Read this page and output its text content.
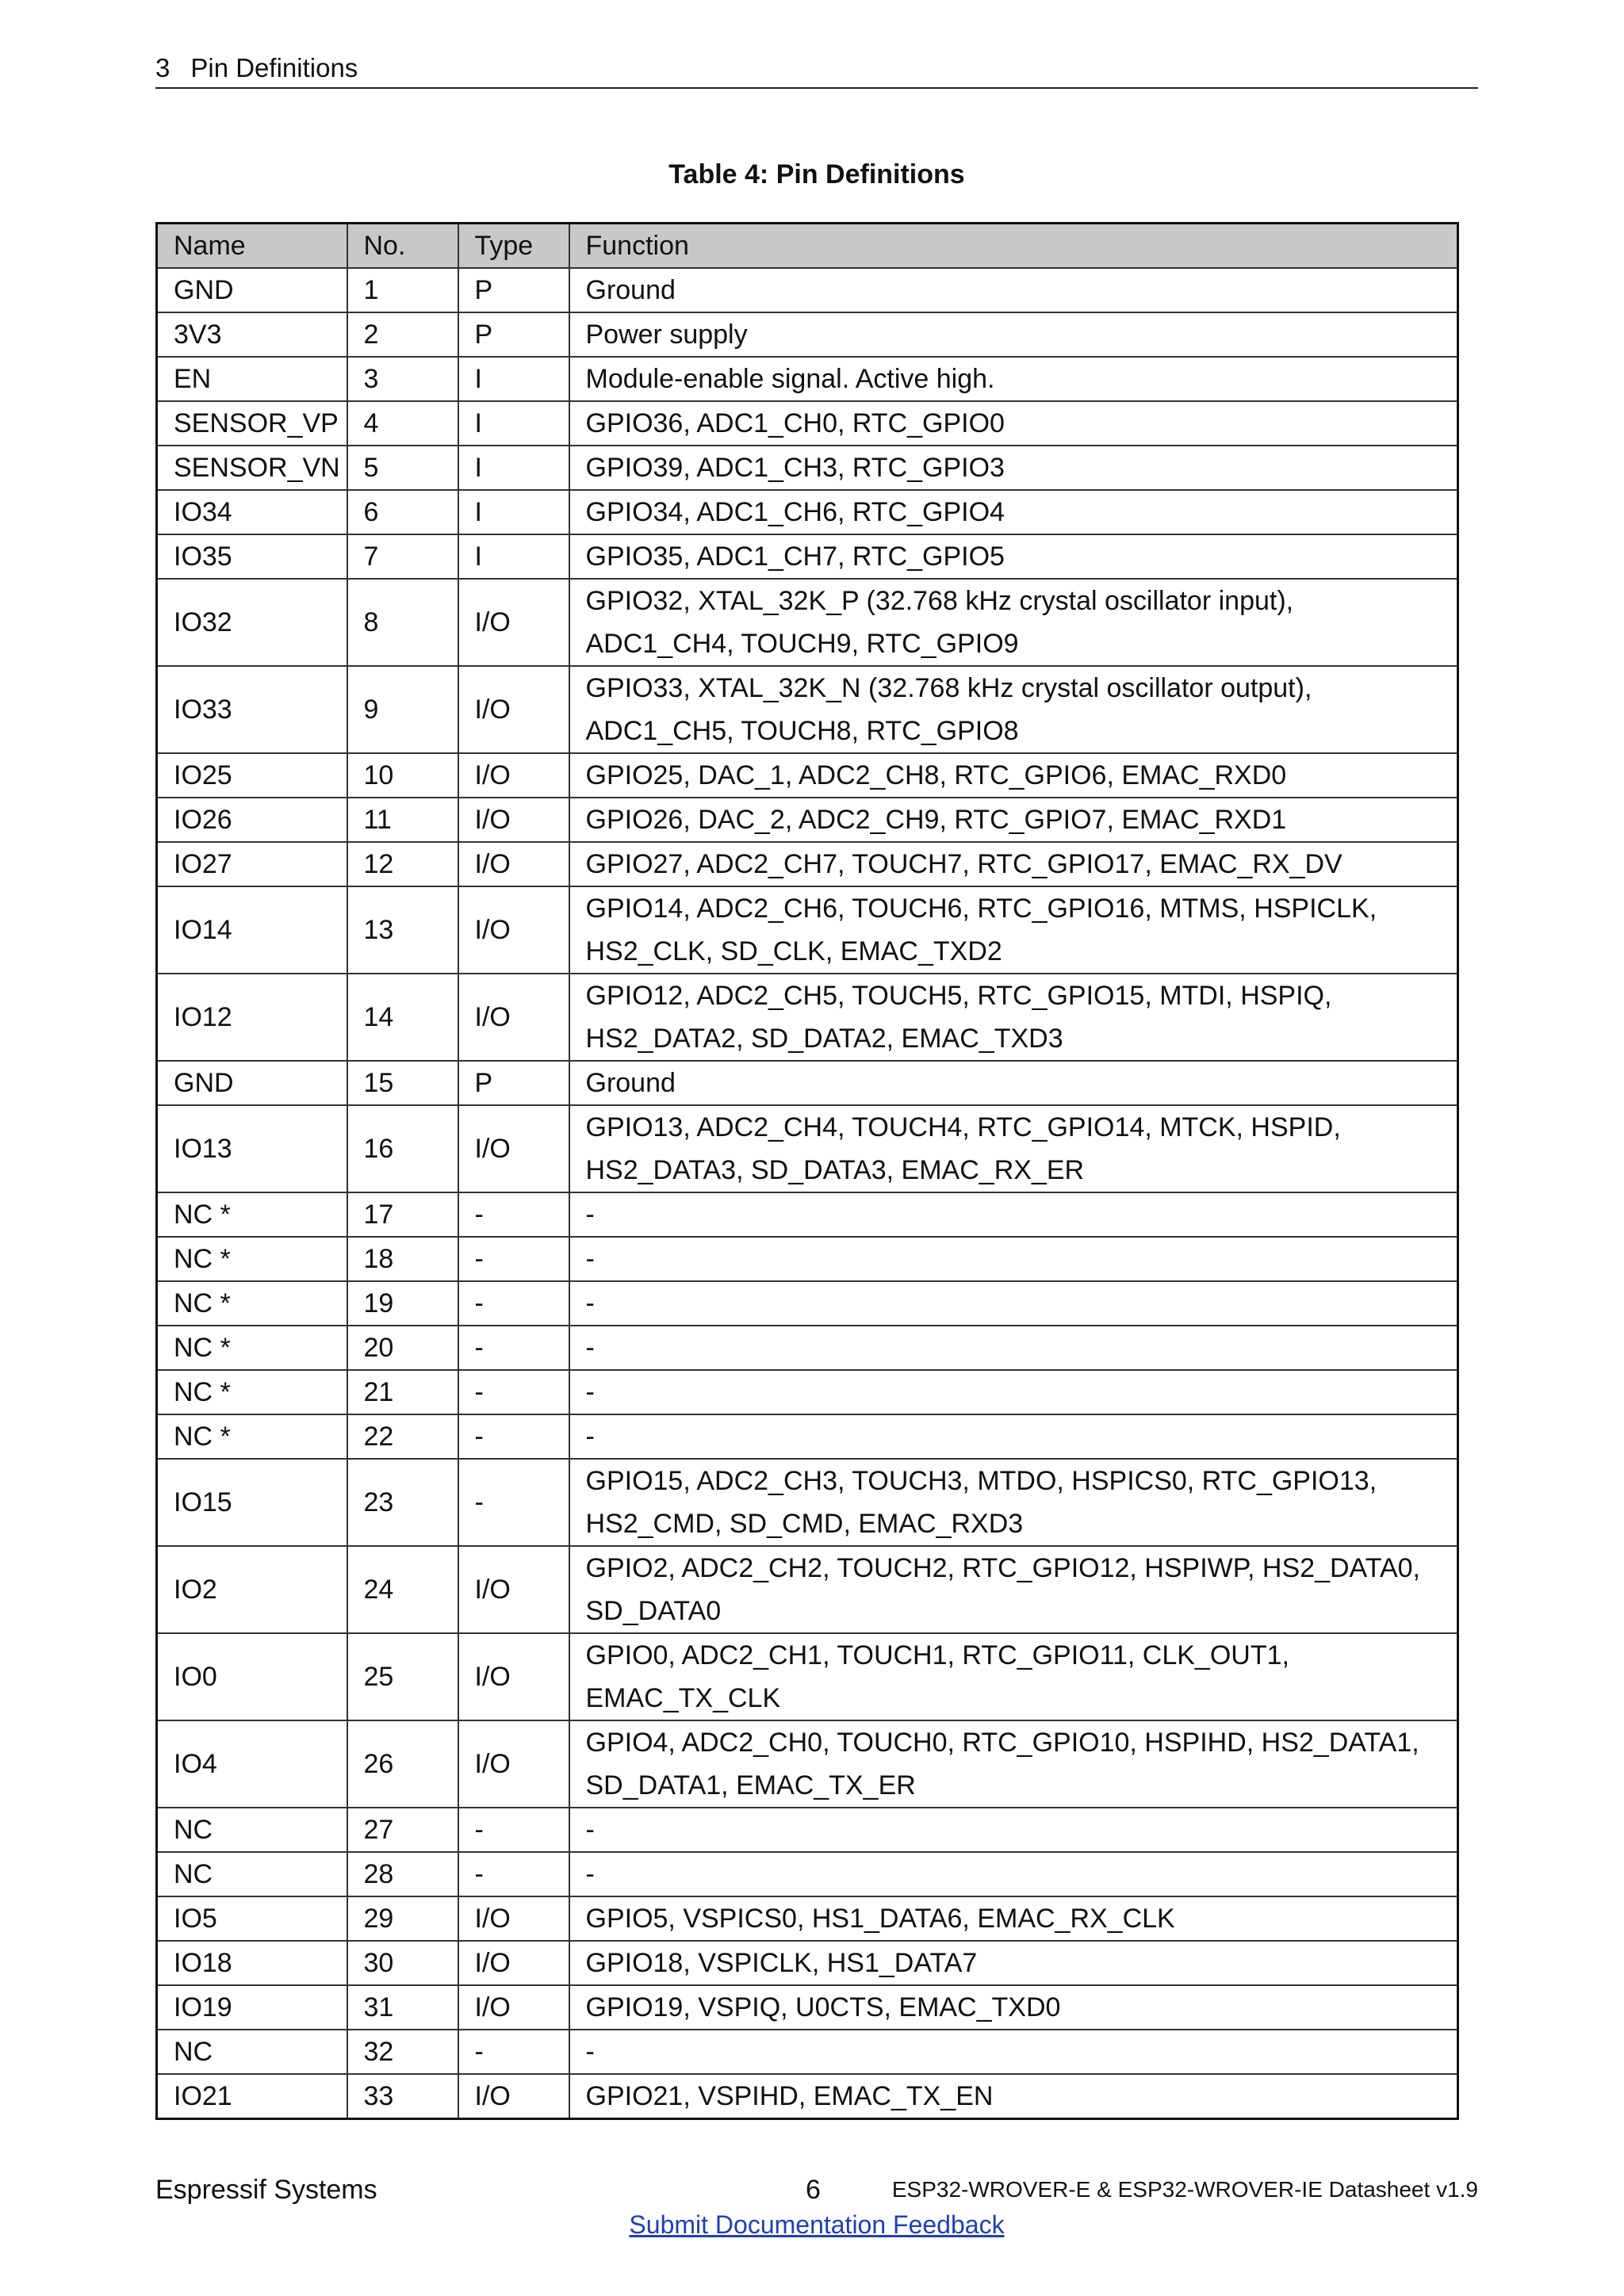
3 Pin Definitions
Table 4: Pin Definitions
Name	No.	Type	Function
GND	1	P	Ground
3V3	2	P	Power supply
EN	3	I	Module-enable signal. Active high.
SENSOR_VP	4	I	GPIO36, ADC1_CH0, RTC_GPIO0
SENSOR_VN	5	I	GPIO39, ADC1_CH3, RTC_GPIO3
IO34	6	I	GPIO34, ADC1_CH6, RTC_GPIO4
IO35	7	I	GPIO35, ADC1_CH7, RTC_GPIO5
IO32	8	I/O	GPIO32, XTAL_32K_P (32.768 kHz crystal oscillator input), ADC1_CH4, TOUCH9, RTC_GPIO9
IO33	9	I/O	GPIO33, XTAL_32K_N (32.768 kHz crystal oscillator output), ADC1_CH5, TOUCH8, RTC_GPIO8
IO25	10	I/O	GPIO25, DAC_1, ADC2_CH8, RTC_GPIO6, EMAC_RXD0
IO26	11	I/O	GPIO26, DAC_2, ADC2_CH9, RTC_GPIO7, EMAC_RXD1
IO27	12	I/O	GPIO27, ADC2_CH7, TOUCH7, RTC_GPIO17, EMAC_RX_DV
IO14	13	I/O	GPIO14, ADC2_CH6, TOUCH6, RTC_GPIO16, MTMS, HSPICLK, HS2_CLK, SD_CLK, EMAC_TXD2
IO12	14	I/O	GPIO12, ADC2_CH5, TOUCH5, RTC_GPIO15, MTDI, HSPIQ, HS2_DATA2, SD_DATA2, EMAC_TXD3
GND	15	P	Ground
IO13	16	I/O	GPIO13, ADC2_CH4, TOUCH4, RTC_GPIO14, MTCK, HSPID, HS2_DATA3, SD_DATA3, EMAC_RX_ER
NC *	17	-	-
NC *	18	-	-
NC *	19	-	-
NC *	20	-	-
NC *	21	-	-
NC *	22	-	-
IO15	23	-	GPIO15, ADC2_CH3, TOUCH3, MTDO, HSPICS0, RTC_GPIO13, HS2_CMD, SD_CMD, EMAC_RXD3
IO2	24	I/O	GPIO2, ADC2_CH2, TOUCH2, RTC_GPIO12, HSPIWP, HS2_DATA0, SD_DATA0
IO0	25	I/O	GPIO0, ADC2_CH1, TOUCH1, RTC_GPIO11, CLK_OUT1, EMAC_TX_CLK
IO4	26	I/O	GPIO4, ADC2_CH0, TOUCH0, RTC_GPIO10, HSPIHD, HS2_DATA1, SD_DATA1, EMAC_TX_ER
NC	27	-	-
NC	28	-	-
IO5	29	I/O	GPIO5, VSPICS0, HS1_DATA6, EMAC_RX_CLK
IO18	30	I/O	GPIO18, VSPICLK, HS1_DATA7
IO19	31	I/O	GPIO19, VSPIQ, U0CTS, EMAC_TXD0
NC	32	-	-
IO21	33	I/O	GPIO21, VSPIHD, EMAC_TX_EN
Espressif Systems	6	ESP32-WROVER-E & ESP32-WROVER-IE Datasheet v1.9
Submit Documentation Feedback
